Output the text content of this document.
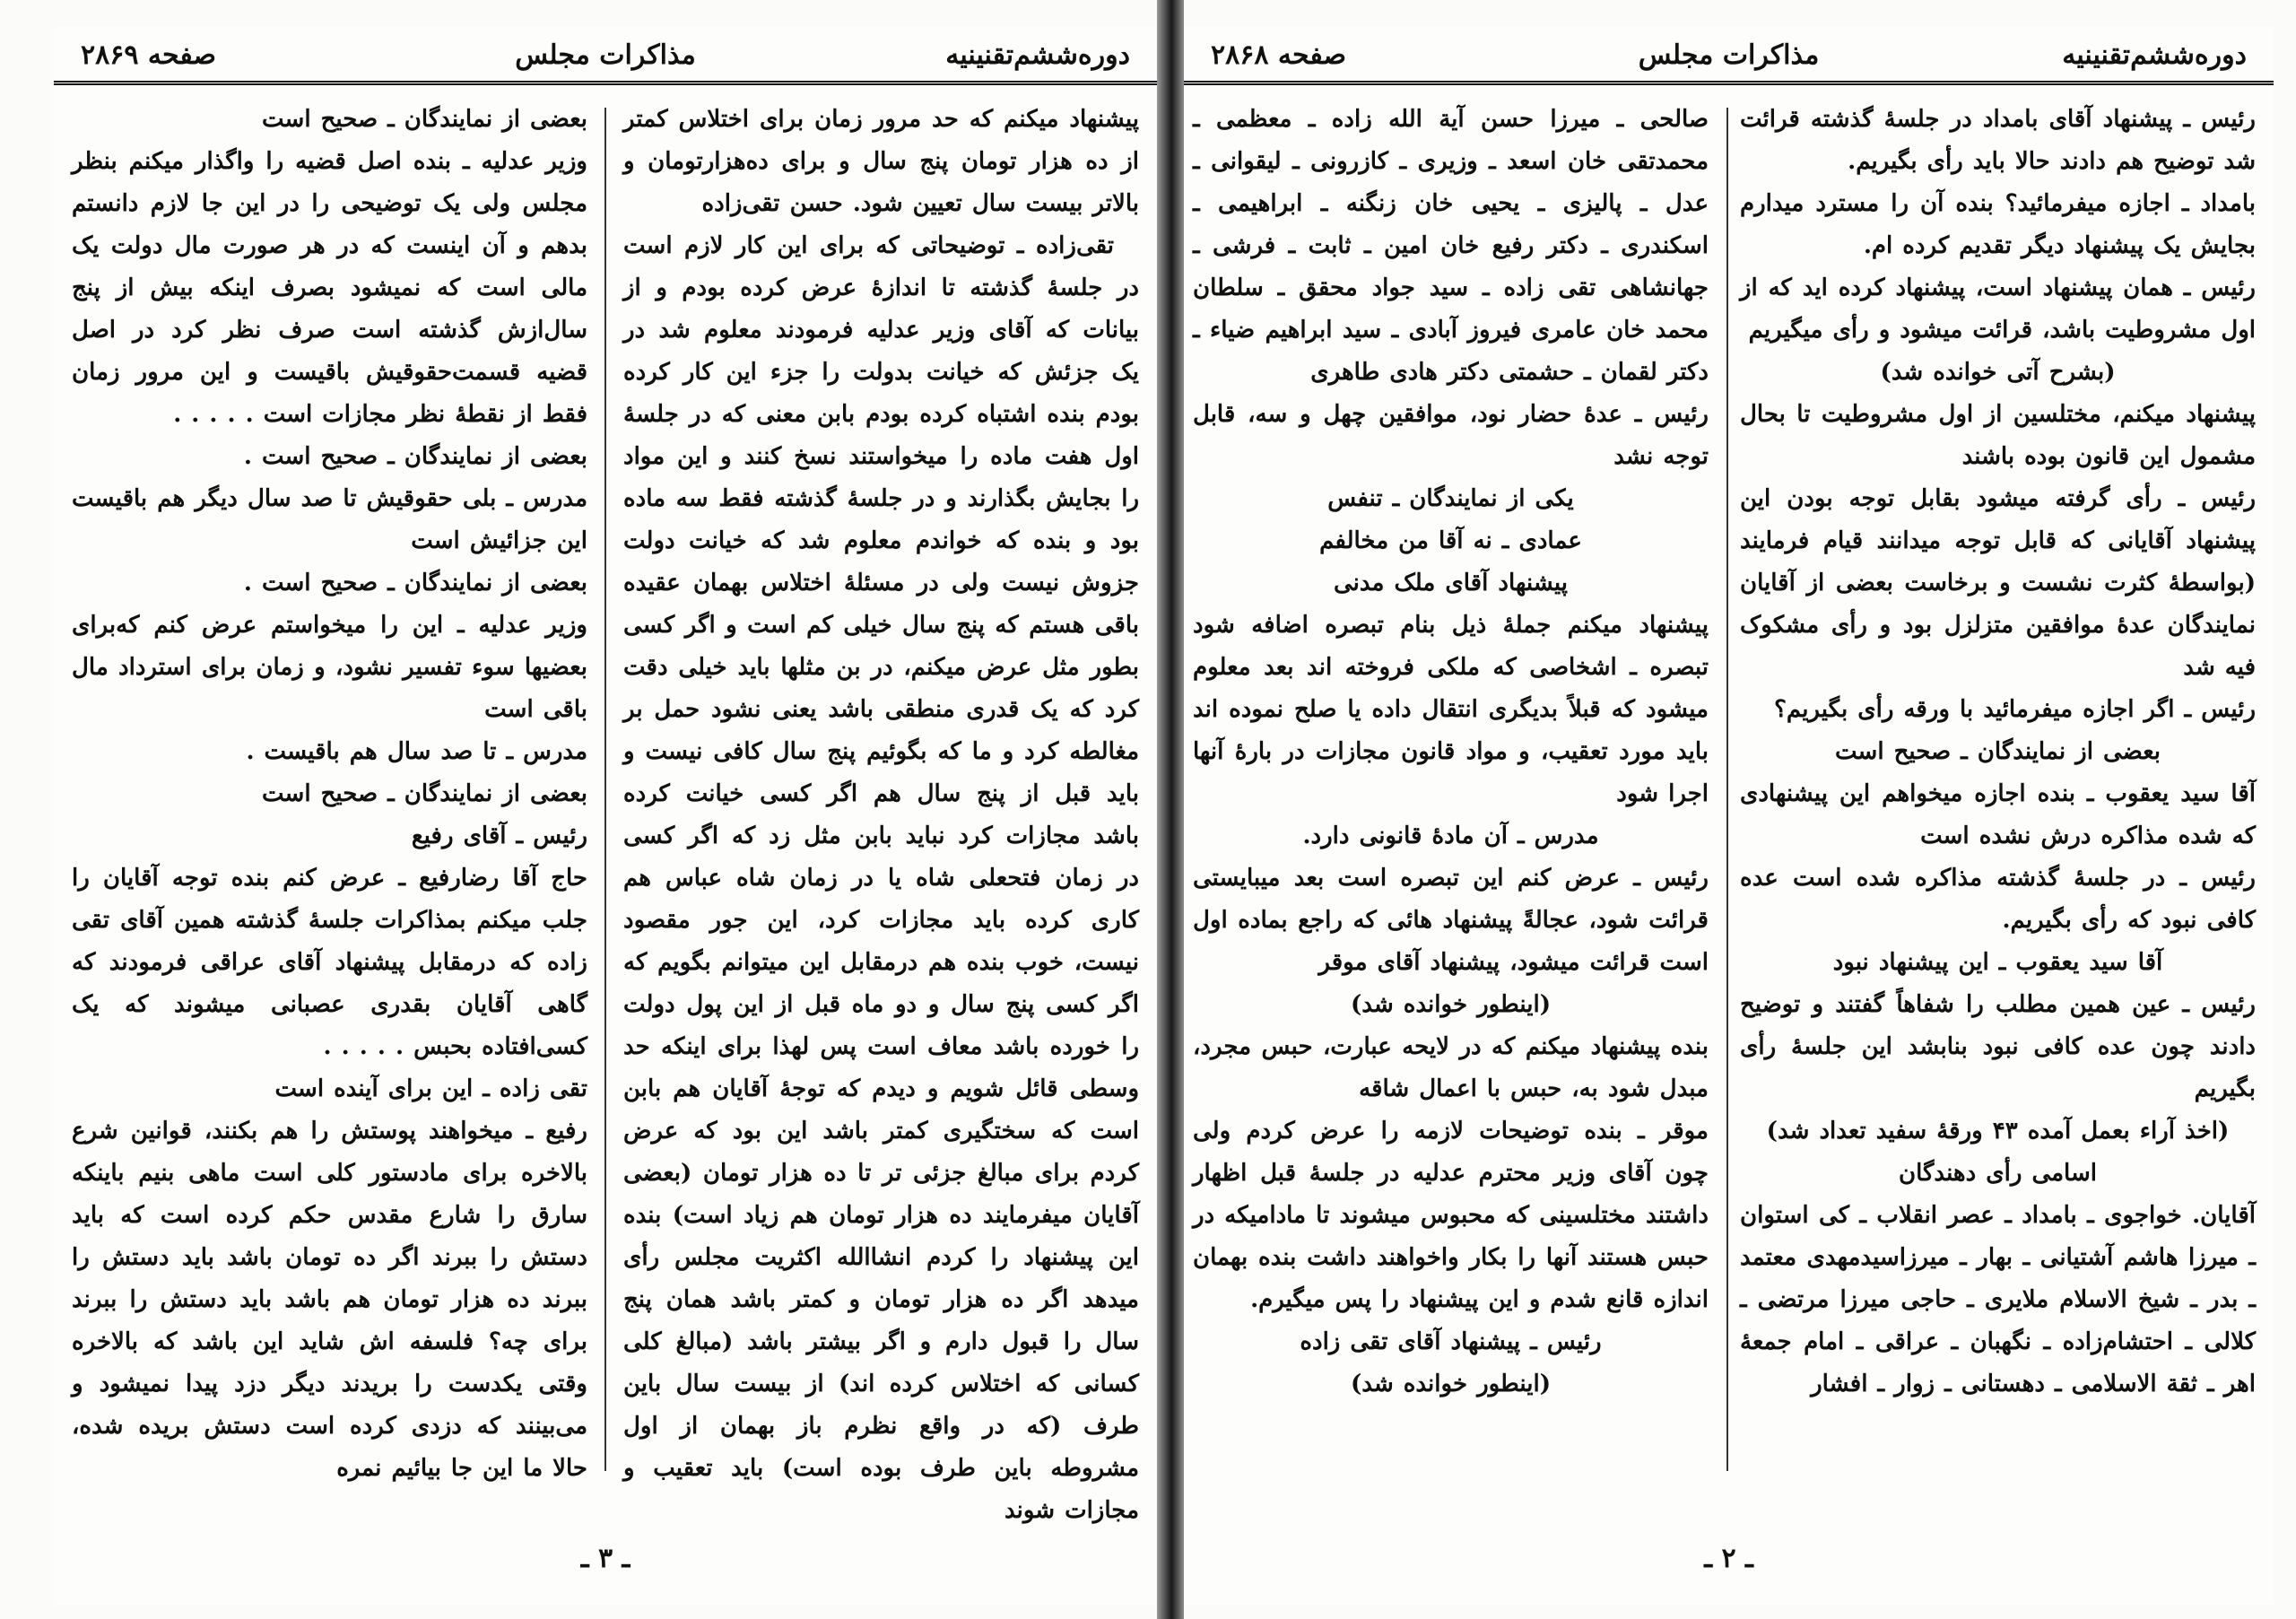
دوره‌ششم‌تقنینیه
مذاکرات مجلس
صفحه ۲۸۶۹

پیشنهاد میکنم که حد مرور زمان برای اختلاس کمتر از ده هزار تومان پنج سال و برای ده‌هزار‌تومان و بالاتر بیست سال تعیین شود. حسن تقی‌زاده

تقی‌زاده ـ توضیحاتی که برای این کار لازم است در جلسهٔ گذشته تا اندازهٔ عرض کرده بودم و از بیانات که آقای وزیر عدلیه فرمودند معلوم شد در یک جزئش که خیانت بدولت را جزء این کار کرده بودم بنده اشتباه کرده بودم بابن معنی که در جلسهٔ اول هفت ماده را میخواستند نسخ کنند و این مواد را بجایش بگذارند و در جلسهٔ گذشته فقط سه ماده بود و بنده که خواندم معلوم شد که خیانت دولت جزوش نیست ولی در مسئلهٔ اختلاس بهمان عقیده باقی هستم که پنج سال خیلی کم است و اگر کسی بطور مثل عرض میکنم، در بن مثلها باید خیلی دقت کرد که یک قدری منطقی باشد یعنی نشود حمل بر مغالطه کرد و ما که بگوئیم پنج سال کافی نیست و باید قبل از پنج سال هم اگر کسی خیانت کرده باشد مجازات کرد نباید بابن مثل زد که اگر کسی در زمان فتحعلی شاه یا در زمان شاه عباس هم کاری کرده باید مجازات کرد، این جور مقصود نیست، خوب بنده هم درمقابل این میتوانم بگویم که اگر کسی پنج سال و دو ماه قبل از این پول دولت را خورده باشد معاف است پس لهذا برای اینکه حد وسطی قائل شویم و دیدم که توجهٔ آقایان هم بابن است که سختگیری کمتر باشد این بود که عرض کردم برای مبالغ جزئی تر تا ده هزار تومان (بعضی آقایان میفرمایند ده هزار تومان هم زیاد است) بنده این پیشنهاد را کردم انشاالله اکثریت مجلس رأی میدهد اگر ده هزار تومان و کمتر باشد همان پنج سال را قبول دارم و اگر بیشتر باشد (مبالغ کلی کسانی که اختلاس کرده اند) از بیست سال باین طرف (که در واقع نظرم باز بهمان از اول مشروطه باین طرف بوده است) باید تعقیب و مجازات شوند

بعضی از نمایندگان ـ صحیح است

وزیر عدلیه ـ بنده اصل قضیه را واگذار میکنم بنظر مجلس ولی یک توضیحی را در این جا لازم دانستم بدهم و آن اینست که در هر صورت مال دولت یک مالی است که نمیشود بصرف اینکه بیش از پنج سال‌ازش گذشته است صرف نظر کرد در اصل قضیه قسمت‌حقوقیش باقیست و این مرور زمان فقط از نقطهٔ نظر مجازات است . . . . .

بعضی از نمایندگان ـ صحیح است .

مدرس ـ بلی حقوقیش تا صد سال دیگر هم باقیست این جزائیش است

بعضی از نمایندگان ـ صحیح است .

وزیر عدلیه ـ این را میخواستم عرض کنم که‌برای بعضیها سوء تفسیر نشود، و زمان برای استرداد مال باقی است

مدرس ـ تا صد سال هم باقیست .

بعضی از نمایندگان ـ صحیح است

رئیس ـ آقای رفیع

حاج آقا رضارفیع ـ عرض کنم بنده توجه آقایان را جلب میکنم بمذاکرات جلسهٔ گذشته همین آقای تقی زاده که درمقابل پیشنهاد آقای عراقی فرمودند که گاهی آقایان بقدری عصبانی میشوند که یک کسی‌افتاده بحبس . . . . .

تقی زاده ـ این برای آینده است

رفیع ـ میخواهند پوستش را هم بکنند، قوانین شرع بالاخره برای مادستور کلی است ماهی بنیم باینکه سارق را شارع مقدس حکم کرده است که باید دستش را ببرند اگر ده تومان باشد باید دستش را ببرند ده هزار تومان هم باشد باید دستش را ببرند برای چه؟ فلسفه اش شاید این باشد که بالاخره وقتی یکدست را بریدند دیگر دزد پیدا نمیشود و می‌بینند که دزدی کرده است دستش بریده شده، حالا ما این جا بیائیم نمره

ـ ۳ ـ
دوره‌ششم‌تقنینیه
مذاکرات مجلس
صفحه ۲۸۶۸

رئیس ـ پیشنهاد آقای بامداد در جلسهٔ گذشته قرائت شد توضیح هم دادند حالا باید رأی بگیریم.

بامداد ـ اجازه میفرمائید؟ بنده آن را مسترد میدارم بجایش یک پیشنهاد دیگر تقدیم کرده ام.

رئیس ـ همان پیشنهاد است، پیشنهاد کرده اید که از اول مشروطیت باشد، قرائت میشود و رأی میگیریم

(بشرح آتی خوانده شد)

پیشنهاد میکنم، مختلسین از اول مشروطیت تا بحال مشمول این قانون بوده باشند

رئیس ـ رأی گرفته میشود بقابل توجه بودن این پیشنهاد آقایانی که قابل توجه میدانند قیام فرمایند (بواسطهٔ کثرت نشست و برخاست بعضی از آقایان نمایندگان عدهٔ موافقین متزلزل بود و رأی مشکوک فیه شد

رئیس ـ اگر اجازه میفرمائید با ورقه رأی بگیریم؟

بعضی از نمایندگان ـ صحیح است

آقا سید یعقوب ـ بنده اجازه میخواهم این پیشنهادی که شده مذاکره درش نشده است

رئیس ـ در جلسهٔ گذشته مذاکره شده است عده کافی نبود که رأی بگیریم.

آقا سید یعقوب ـ این پیشنهاد نبود

رئیس ـ عین همین مطلب را شفاهاً گفتند و توضیح دادند چون عده کافی نبود بنابشد این جلسهٔ رأی بگیریم

(اخذ آراء بعمل آمده ۴۳ ورقهٔ سفید تعداد شد)

اسامی رأی دهندگان

آقایان. خواجوی ـ بامداد ـ عصر انقلاب ـ کی استوان ـ میرزا هاشم آشتیانی ـ بهار ـ میرزاسیدمهدی معتمد ـ بدر ـ شیخ الاسلام ملایری ـ حاجی میرزا مرتضی ـ کلالی ـ احتشام‌زاده ـ نگهبان ـ عراقی ـ امام جمعهٔ اهر ـ ثقة الاسلامی ـ دهستانی ـ زوار ـ افشار

صالحی ـ میرزا حسن آیة الله زاده ـ معظمی ـ محمدتقی خان اسعد ـ وزیری ـ کازرونی ـ لیقوانی ـ عدل ـ پالیزی ـ یحیی خان زنگنه ـ ابراهیمی ـ اسکندری ـ دکتر رفیع خان امین ـ ثابت ـ فرشی ـ جهانشاهی تقی زاده ـ سید جواد محقق ـ سلطان محمد خان عامری فیروز آبادی ـ سید ابراهیم ضیاء ـ دکتر لقمان ـ حشمتی دکتر هادی طاهری

رئیس ـ عدهٔ حضار نود، موافقین چهل و سه، قابل توجه نشد

یکی از نمایندگان ـ تنفس

عمادی ـ نه آقا من مخالفم

پیشنهاد آقای ملک مدنی

پیشنهاد میکنم جملهٔ ذیل بنام تبصره اضافه شود تبصره ـ اشخاصی که ملکی فروخته اند بعد معلوم میشود که قبلاً بدیگری انتقال داده یا صلح نموده اند باید مورد تعقیب، و مواد قانون مجازات در بارهٔ آنها اجرا شود

مدرس ـ آن مادهٔ قانونی دارد.

رئیس ـ عرض کنم این تبصره است بعد میبایستی قرائت شود، عجالةً پیشنهاد هائی که راجع بماده اول است قرائت میشود، پیشنهاد آقای موقر

(اینطور خوانده شد)

بنده پیشنهاد میکنم که در لایحه عبارت، حبس مجرد، مبدل شود به، حبس با اعمال شاقه

موقر ـ بنده توضیحات لازمه را عرض کردم ولی چون آقای وزیر محترم عدلیه در جلسهٔ قبل اظهار داشتند مختلسینی که محبوس میشوند تا مادامیکه در حبس هستند آنها را بکار واخواهند داشت بنده بهمان اندازه قانع شدم و این پیشنهاد را پس میگیرم.

رئیس ـ پیشنهاد آقای تقی زاده

(اینطور خوانده شد)

ـ ۲ ـ
